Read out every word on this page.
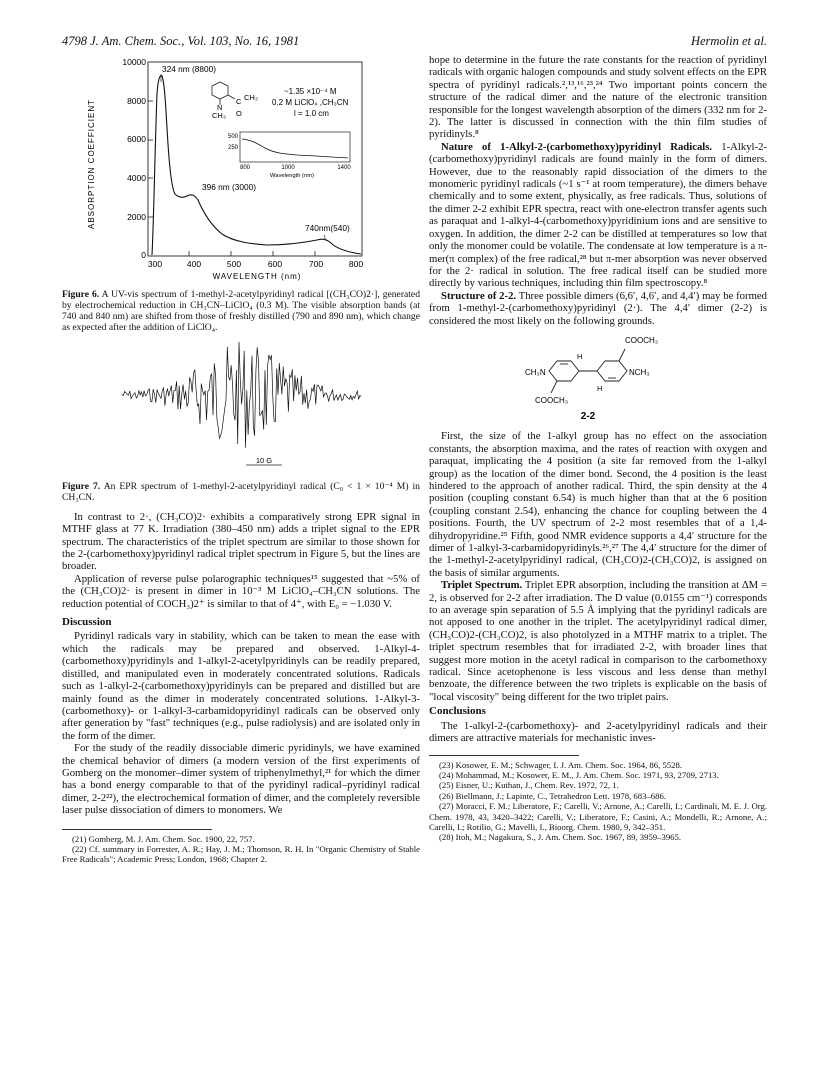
4798 J. Am. Chem. Soc., Vol. 103, No. 16, 1981	Hermolin et al.
ABSORPTION COEFFICIENT
10000
8000
6000
4000
2000
0
300	400	500	600	700	800
WAVELENGTH (nm)
324 nm (8800)
396 nm (3000)
740nm(540)
~1.35 ×10⁻⁴ M
0.2 M LiClO₄ ,CH₃CN
l = 1.0 cm
N
C CH₃
CH₃ O
500
250
800	1000	1400
Wavelength (nm)

Figure 6. A UV-vis spectrum of 1-methyl-2-acetylpyridinyl radical [(CH₃CO)2·], generated by electrochemical reduction in CH₃CN–LiClO₄ (0.3 M). The visible absorption bands (at 740 and 840 nm) are shifted from those of freshly distilled (790 and 890 nm), which change as expected after the addition of LiClO₄.

10 G

Figure 7. An EPR spectrum of 1-methyl-2-acetylpyridinyl radical (C₀ < 1 × 10⁻⁴ M) in CH₃CN.

In contrast to 2·, (CH₃CO)2· exhibits a comparatively strong EPR signal in MTHF glass at 77 K. Irradiation (380–450 nm) adds a triplet signal to the EPR spectrum. The characteristics of the triplet spectrum are similar to those shown for the 2-(carbomethoxy)pyridinyl radical triplet spectrum in Figure 5, but the lines are broader.

Application of reverse pulse polarographic techniques¹⁵ suggested that ~5% of the (CH₃CO)2· is present in dimer in 10⁻³ M LiClO₄–CH₃CN solutions. The reduction potential of COCH₃)2⁺ is similar to that of 4⁺, with E₀ = −1.030 V.

Discussion

Pyridinyl radicals vary in stability, which can be taken to mean the ease with which the radicals may be prepared and observed. 1-Alkyl-4-(carbomethoxy)pyridinyls and 1-alkyl-2-acetylpyridinyls can be readily prepared, distilled, and manipulated even in moderately concentrated solutions. Radicals such as 1-alkyl-2-(carbomethoxy)pyridinyls can be prepared and distilled but are mainly found as the dimer in moderately concentrated solutions. 1-Alkyl-3-(carbomethoxy)- or 1-alkyl-3-carbamidopyridinyl radicals can be observed only after generation by "fast" techniques (e.g., pulse radiolysis) and are isolated only in the form of the dimer.

For the study of the readily dissociable dimeric pyridinyls, we have examined the chemical behavior of dimers (a modern version of the first experiments of Gomberg on the monomer–dimer system of triphenylmethyl,²¹ for which the dimer has a bond energy comparable to that of the pyridinyl radical–pyridinyl radical dimer, 2-2²²), the electrochemical formation of dimer, and the completely reversible laser pulse dissociation of dimers to monomers. We

(21) Gomberg, M. J. Am. Chem. Soc. 1900, 22, 757.
(22) Cf. summary in Forrester, A. R.; Hay, J. M.; Thomson, R. H. In "Organic Chemistry of Stable Free Radicals"; Academic Press; London, 1968; Chapter 2.

hope to determine in the future the rate constants for the reaction of pyridinyl radicals with organic halogen compounds and study solvent effects on the EPR spectra of pyridinyl radicals.²,¹³,¹⁶,²³,²⁴ Two important points concern the structure of the radical dimer and the nature of the electronic transition responsible for the longest wavelength absorption of the dimers (332 nm for 2-2). The latter is discussed in connection with the thin film studies of pyridinyls.⁸

Nature of 1-Alkyl-2-(carbomethoxy)pyridinyl Radicals. 1-Alkyl-2-(carbomethoxy)pyridinyl radicals are found mainly in the form of dimers. However, due to the reasonably rapid dissociation of the dimers to the monomeric pyridinyl radicals (~1 s⁻¹ at room temperature), the dimers behave chemically and to some extent, physically, as free radicals. Thus, solutions of the dimer 2-2 exhibit EPR spectra, react with one-electron transfer agents such as paraquat and 1-alkyl-4-(carbomethoxy)pyridinium ions and are sensitive to oxygen. In addition, the dimer 2-2 can be distilled at temperatures so low that only the monomer could be volatile. The condensate at low temperature is a π-mer(π complex) of the free radical,²⁸ but π-mer absorption was never observed for the 2· radical in solution. The free radical itself can be studied more directly by various techniques, including thin film spectroscopy.⁸

Structure of 2-2. Three possible dimers (6,6′, 4,6′, and 4,4′) may be formed from 1-methyl-2-(carbomethoxy)pyridinyl (2·). The 4,4′ dimer (2-2) is considered the most likely on the following grounds.

COOCH₃
H
CH₃N	NCH₃
H
COOCH₃
2-2

First, the size of the 1-alkyl group has no effect on the association constants, the absorption maxima, and the rates of reaction with oxygen and paraquat, implicating the 4 position (a site far removed from the 1-alkyl group) as the location of the dimer bond. Second, the 4 position is the least hindered to the approach of another radical. Third, the spin density at the 4 position (coupling constant 6.54) is much higher than that at the 6 position (coupling constant 2.54), enhancing the chance for coupling between the 4 positions. Fourth, the UV spectrum of 2-2 most resembles that of a 1,4-dihydropyridine.²⁵ Fifth, good NMR evidence supports a 4,4′ structure for the dimer of 1-alkyl-3-carbamidopyridinyls.²⁶,²⁷ The 4,4′ structure for the dimer of the 1-methyl-2-acetylpyridinyl radical, (CH₃CO)2-(CH₃CO)2, is assigned on the basis of similar arguments.

Triplet Spectrum. Triplet EPR absorption, including the transition at ΔM = 2, is observed for 2-2 after irradiation. The D value (0.0155 cm⁻¹) corresponds to an average spin separation of 5.5 Å implying that the pyridinyl radicals are not apposed to one another in the triplet. The acetylpyridinyl radical dimer, (CH₃CO)2-(CH₃CO)2, is also photolyzed in a MTHF matrix to a triplet. The triplet spectrum resembles that for irradiated 2-2, with broader lines that suggest more motion in the acetyl radical in comparison to the carbomethoxy radical. Since acetophenone is less viscous and less dense than methyl benzoate, the difference between the two triplets is explicable on the basis of "local viscosity" being different for the two triplet pairs.

Conclusions

The 1-alkyl-2-(carbomethoxy)- and 2-acetylpyridinyl radicals and their dimers are attractive materials for mechanistic inves-

(23) Kosower, E. M.; Schwager, I. J. Am. Chem. Soc. 1964, 86, 5528.
(24) Mohammad, M.; Kosower, E. M., J. Am. Chem. Soc. 1971, 93, 2709, 2713.
(25) Eisner, U.; Kuthan, J., Chem. Rev. 1972, 72, 1.
(26) Biellmann, J.; Lapinte, C., Tetrahedron Lett. 1978, 683–686.
(27) Moracci, F. M.; Liberatore, F.; Carelli, V.; Arnone, A.; Carelli, I.; Cardinali, M. E. J. Org. Chem. 1978, 43, 3420–3422; Carelli, V.; Liberatore, F.; Casini, A.; Mondelli, R.; Arnone, A.; Carelli, I.; Rotilio, G.; Mavelli, I., Bioorg. Chem. 1980, 9, 342–351.
(28) Itoh, M.; Nagakura, S., J. Am. Chem. Soc. 1967, 89, 3959–3965.
